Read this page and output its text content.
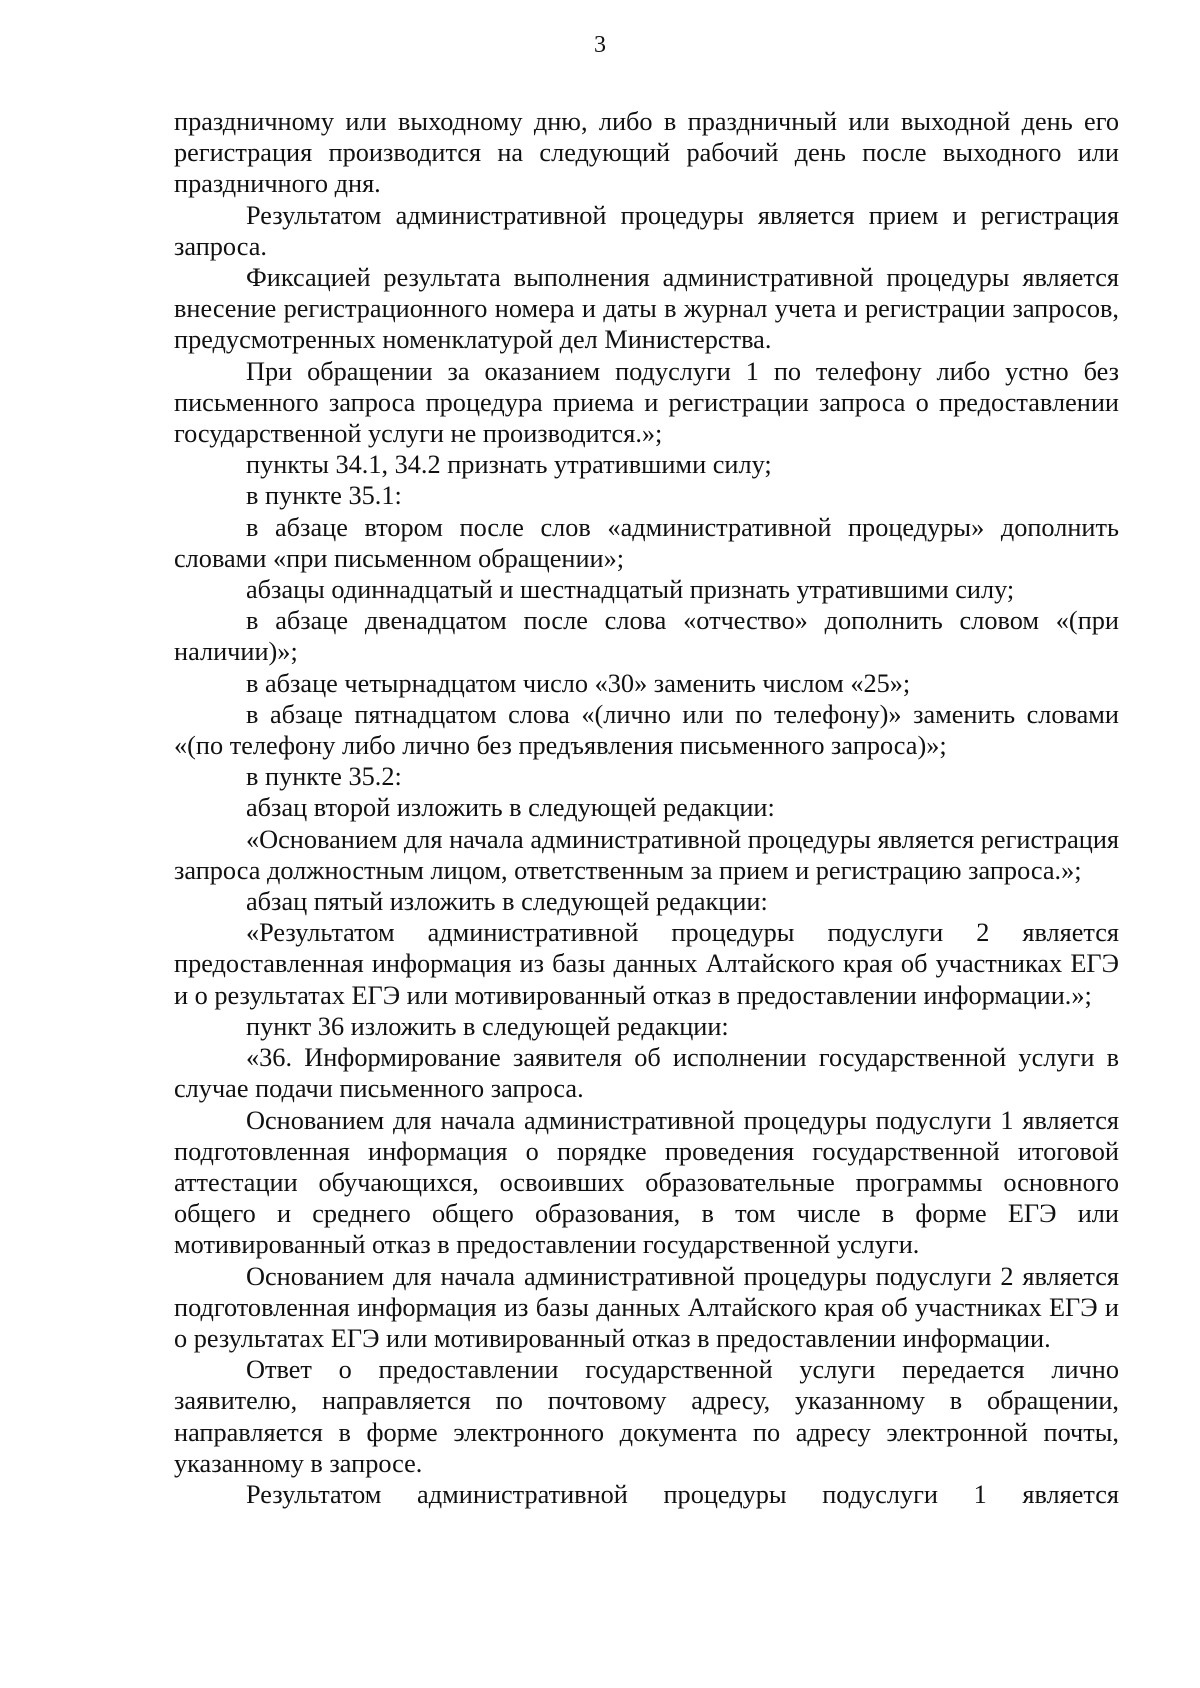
3

праздничному или выходному дню, либо в праздничный или выходной день его регистрация производится на следующий рабочий день после выходного или праздничного дня.

Результатом административной процедуры является прием и регистрация запроса.

Фиксацией результата выполнения административной процедуры является внесение регистрационного номера и даты в журнал учета и регистрации запросов, предусмотренных номенклатурой дел Министерства.

При обращении за оказанием подуслуги 1 по телефону либо устно без письменного запроса процедура приема и регистрации запроса о предоставлении государственной услуги не производится.»;

пункты 34.1, 34.2 признать утратившими силу;

в пункте 35.1:

в абзаце втором после слов «административной процедуры» дополнить словами «при письменном обращении»;

абзацы одиннадцатый и шестнадцатый признать утратившими силу;

в абзаце двенадцатом после слова «отчество» дополнить словом «(при наличии)»;

в абзаце четырнадцатом число «30» заменить числом «25»;

в абзаце пятнадцатом слова «(лично или по телефону)» заменить словами «(по телефону либо лично без предъявления письменного запроса)»;

в пункте 35.2:

абзац второй изложить в следующей редакции:

«Основанием для начала административной процедуры является регистрация запроса должностным лицом, ответственным за прием и регистрацию запроса.»;

абзац пятый изложить в следующей редакции:

«Результатом административной процедуры подуслуги 2 является предоставленная информация из базы данных Алтайского края об участниках ЕГЭ и о результатах ЕГЭ или мотивированный отказ в предоставлении информации.»;

пункт 36 изложить в следующей редакции:

«36. Информирование заявителя об исполнении государственной услуги в случае подачи письменного запроса.

Основанием для начала административной процедуры подуслуги 1 является подготовленная информация о порядке проведения государственной итоговой аттестации обучающихся, освоивших образовательные программы основного общего и среднего общего образования, в том числе в форме ЕГЭ или мотивированный отказ в предоставлении государственной услуги.

Основанием для начала административной процедуры подуслуги 2 является подготовленная информация из базы данных Алтайского края об участниках ЕГЭ и о результатах ЕГЭ или мотивированный отказ в предоставлении информации.

Ответ о предоставлении государственной услуги передается лично заявителю, направляется по почтовому адресу, указанному в обращении, направляется в форме электронного документа по адресу электронной почты, указанному в запросе.

Результатом административной процедуры подуслуги 1 является
